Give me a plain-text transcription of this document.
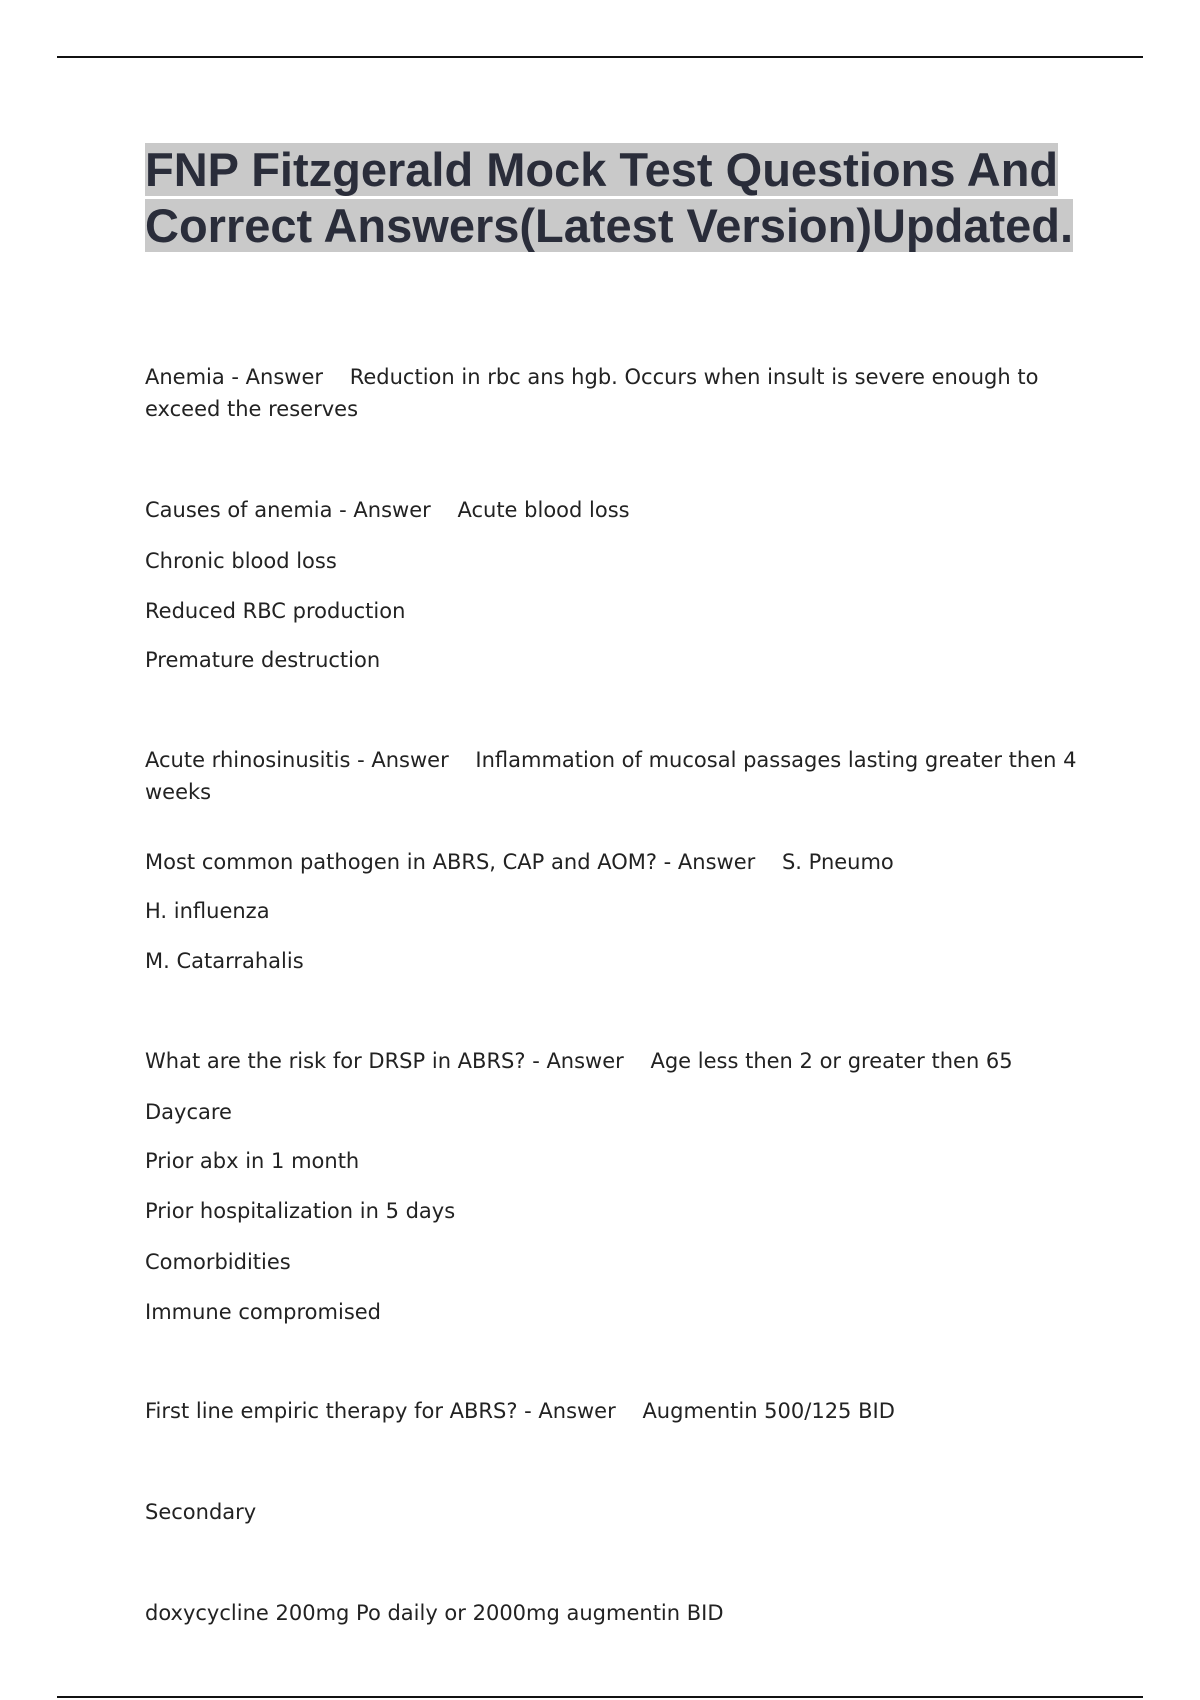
FNP Fitzgerald Mock Test Questions And Correct Answers(Latest Version)Updated.

Anemia - Answer    Reduction in rbc ans hgb. Occurs when insult is severe enough to exceed the reserves

Causes of anemia - Answer    Acute blood loss

Chronic blood loss

Reduced RBC production

Premature destruction

Acute rhinosinusitis - Answer    Inflammation of mucosal passages lasting greater then 4 weeks

Most common pathogen in ABRS, CAP and AOM? - Answer    S. Pneumo

H. influenza

M. Catarrahalis

What are the risk for DRSP in ABRS? - Answer    Age less then 2 or greater then 65

Daycare

Prior abx in 1 month

Prior hospitalization in 5 days

Comorbidities

Immune compromised

First line empiric therapy for ABRS? - Answer    Augmentin 500/125 BID

Secondary

doxycycline 200mg Po daily or 2000mg augmentin BID
